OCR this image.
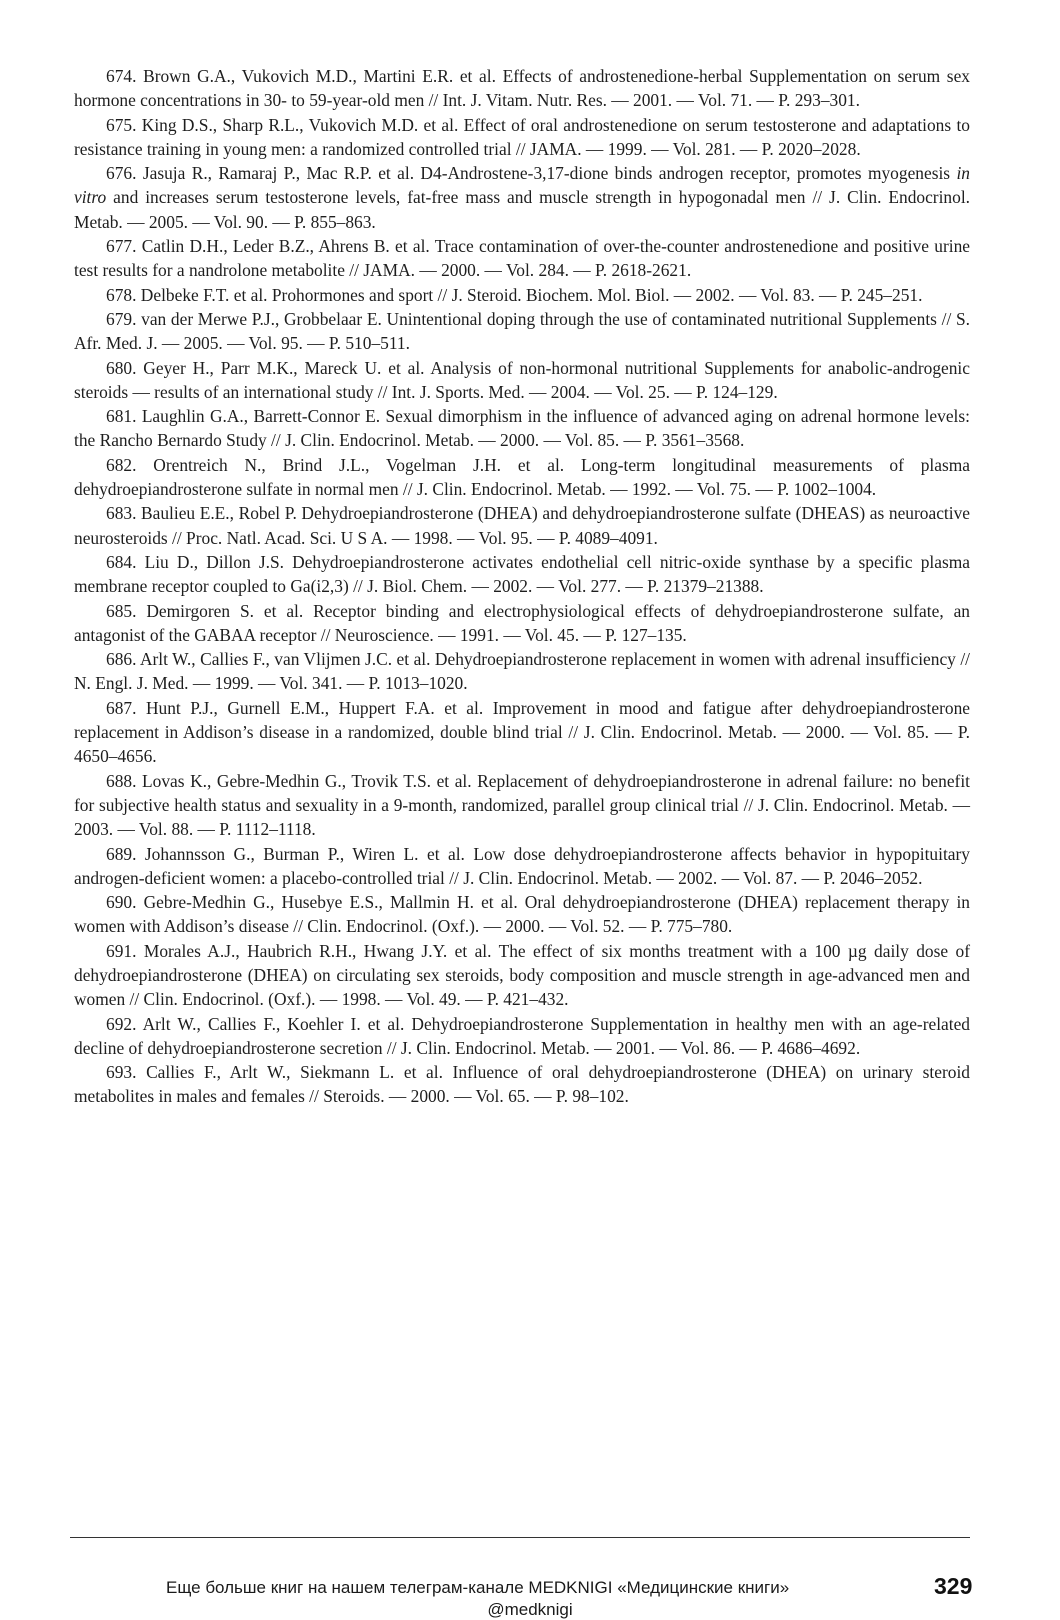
674. Brown G.A., Vukovich M.D., Martini E.R. et al. Effects of androstenedione-herbal Supplementation on serum sex hormone concentrations in 30- to 59-year-old men // Int. J. Vitam. Nutr. Res. — 2001. — Vol. 71. — P. 293–301.

675. King D.S., Sharp R.L., Vukovich M.D. et al. Effect of oral androstenedione on serum testosterone and adaptations to resistance training in young men: a randomized controlled trial // JAMA. — 1999. — Vol. 281. — P. 2020–2028.

676. Jasuja R., Ramaraj P., Mac R.P. et al. D4-Androstene-3,17-dione binds androgen receptor, promotes myogenesis in vitro and increases serum testosterone levels, fat-free mass and muscle strength in hypogonadal men // J. Clin. Endocrinol. Metab. — 2005. — Vol. 90. — P. 855–863.

677. Catlin D.H., Leder B.Z., Ahrens B. et al. Trace contamination of over-the-counter androstenedione and positive urine test results for a nandrolone metabolite // JAMA. — 2000. — Vol. 284. — P. 2618-2621.

678. Delbeke F.T. et al. Prohormones and sport // J. Steroid. Biochem. Mol. Biol. — 2002. — Vol. 83. — P. 245–251.

679. van der Merwe P.J., Grobbelaar E. Unintentional doping through the use of contaminated nutritional Supplements // S. Afr. Med. J. — 2005. — Vol. 95. — P. 510–511.

680. Geyer H., Parr M.K., Mareck U. et al. Analysis of non-hormonal nutritional Supplements for anabolic-androgenic steroids — results of an international study // Int. J. Sports. Med. — 2004. — Vol. 25. — P. 124–129.

681. Laughlin G.A., Barrett-Connor E. Sexual dimorphism in the influence of advanced aging on adrenal hormone levels: the Rancho Bernardo Study // J. Clin. Endocrinol. Metab. — 2000. — Vol. 85. — P. 3561–3568.

682. Orentreich N., Brind J.L., Vogelman J.H. et al. Long-term longitudinal measurements of plasma dehydroepiandrosterone sulfate in normal men // J. Clin. Endocrinol. Metab. — 1992. — Vol. 75. — P. 1002–1004.

683. Baulieu E.E., Robel P. Dehydroepiandrosterone (DHEA) and dehydroepiandrosterone sulfate (DHEAS) as neuroactive neurosteroids // Proc. Natl. Acad. Sci. U S A. — 1998. — Vol. 95. — P. 4089–4091.

684. Liu D., Dillon J.S. Dehydroepiandrosterone activates endothelial cell nitric-oxide synthase by a specific plasma membrane receptor coupled to Ga(i2,3) // J. Biol. Chem. — 2002. — Vol. 277. — P. 21379–21388.

685. Demirgoren S. et al. Receptor binding and electrophysiological effects of dehydroepiandrosterone sulfate, an antagonist of the GABAA receptor // Neuroscience. — 1991. — Vol. 45. — P. 127–135.

686. Arlt W., Callies F., van Vlijmen J.C. et al. Dehydroepiandrosterone replacement in women with adrenal insufficiency // N. Engl. J. Med. — 1999. — Vol. 341. — P. 1013–1020.

687. Hunt P.J., Gurnell E.M., Huppert F.A. et al. Improvement in mood and fatigue after dehydroepiandrosterone replacement in Addison’s disease in a randomized, double blind trial // J. Clin. Endocrinol. Metab. — 2000. — Vol. 85. — P. 4650–4656.

688. Lovas K., Gebre-Medhin G., Trovik T.S. et al. Replacement of dehydroepiandrosterone in adrenal failure: no benefit for subjective health status and sexuality in a 9-month, randomized, parallel group clinical trial // J. Clin. Endocrinol. Metab. — 2003. — Vol. 88. — P. 1112–1118.

689. Johannsson G., Burman P., Wiren L. et al. Low dose dehydroepiandrosterone affects behavior in hypopituitary androgen-deficient women: a placebo-controlled trial // J. Clin. Endocrinol. Metab. — 2002. — Vol. 87. — P. 2046–2052.

690. Gebre-Medhin G., Husebye E.S., Mallmin H. et al. Oral dehydroepiandrosterone (DHEA) replacement therapy in women with Addison’s disease // Clin. Endocrinol. (Oxf.). — 2000. — Vol. 52. — P. 775–780.

691. Morales A.J., Haubrich R.H., Hwang J.Y. et al. The effect of six months treatment with a 100 µg daily dose of dehydroepiandrosterone (DHEA) on circulating sex steroids, body composition and muscle strength in age-advanced men and women // Clin. Endocrinol. (Oxf.). — 1998. — Vol. 49. — P. 421–432.

692. Arlt W., Callies F., Koehler I. et al. Dehydroepiandrosterone Supplementation in healthy men with an age-related decline of dehydroepiandrosterone secretion // J. Clin. Endocrinol. Metab. — 2001. — Vol. 86. — P. 4686–4692.

693. Callies F., Arlt W., Siekmann L. et al. Influence of oral dehydroepiandrosterone (DHEA) on urinary steroid metabolites in males and females // Steroids. — 2000. — Vol. 65. — P. 98–102.

Еще больше книг на нашем телеграм-канале MEDKNIGI «Медицинские книги»	329
@medknigi
